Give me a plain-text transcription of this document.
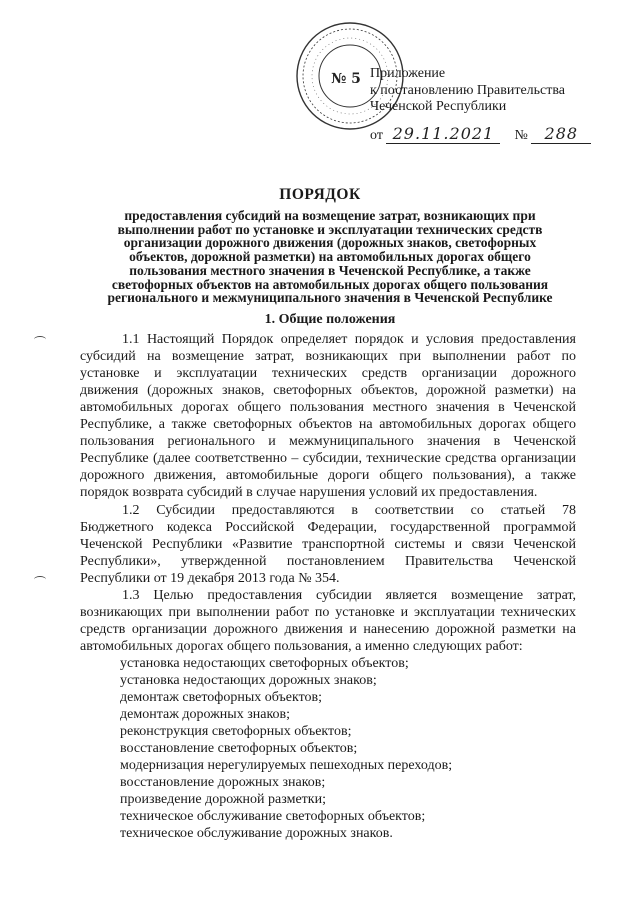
№ 5 Приложение
к постановлению Правительства
Чеченской Республики
от 29.11.2021 № 288
ПОРЯДОК
предоставления субсидий на возмещение затрат, возникающих при
выполнении работ по установке и эксплуатации технических средств
организации дорожного движения (дорожных знаков, светофорных
объектов, дорожной разметки) на автомобильных дорогах общего
пользования местного значения в Чеченской Республике, а также
светофорных объектов на автомобильных дорогах общего пользования
регионального и межмуниципального значения в Чеченской Республике
1. Общие положения
1.1 Настоящий Порядок определяет порядок и условия предоставления
субсидий на возмещение затрат, возникающих при выполнении работ по
установке и эксплуатации технических средств организации дорожного
движения (дорожных знаков, светофорных объектов, дорожной разметки) на
автомобильных дорогах общего пользования местного значения в Чеченской
Республике, а также светофорных объектов на автомобильных дорогах общего
пользования регионального и межмуниципального значения в Чеченской
Республике (далее соответственно – субсидии, технические средства организации
дорожного движения, автомобильные дороги общего пользования), а также
порядок возврата субсидий в случае нарушения условий их предоставления.
1.2 Субсидии предоставляются в соответствии со статьей 78
Бюджетного кодекса Российской Федерации, государственной программой
Чеченской Республики «Развитие транспортной системы и связи Чеченской
Республики», утвержденной постановлением Правительства Чеченской
Республики от 19 декабря 2013 года № 354.
1.3 Целью предоставления субсидии является возмещение затрат,
возникающих при выполнении работ по установке и эксплуатации технических
средств организации дорожного движения и нанесению дорожной разметки на
автомобильных дорогах общего пользования, а именно следующих работ:
установка недостающих светофорных объектов;
установка недостающих дорожных знаков;
демонтаж светофорных объектов;
демонтаж дорожных знаков;
реконструкция светофорных объектов;
восстановление светофорных объектов;
модернизация нерегулируемых пешеходных переходов;
восстановление дорожных знаков;
произведение дорожной разметки;
техническое обслуживание светофорных объектов;
техническое обслуживание дорожных знаков.
